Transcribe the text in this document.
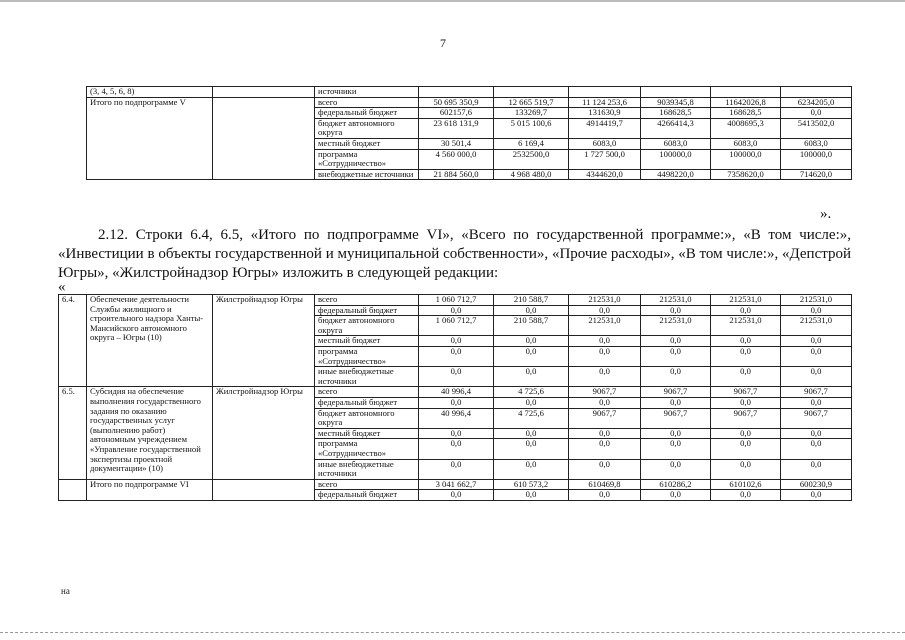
7
(3, 4, 5, 6, 8)		источники						
Итого по подпрограмме V		всего	50 695 350,9	12 665 519,7	11 124 253,6	9039345,8	11642026,8	6234205,0
		федеральный бюджет	602157,6	133269,7	131630,9	168628,5	168628,5	0,0
		бюджет автономного округа	23 618 131,9	5 015 100,6	4914419,7	4266414,3	4008695,3	5413502,0
		местный бюджет	30 501,4	6 169,4	6083,0	6083,0	6083,0	6083,0
		программа «Сотрудничество»	4 560 000,0	2532500,0	1 727 500,0	100000,0	100000,0	100000,0
		внебюджетные источники	21 884 560,0	4 968 480,0	4344620,0	4498220,0	7358620,0	714620,0
».
2.12. Строки 6.4, 6.5, «Итого по подпрограмме VI», «Всего по государственной программе:», «В том числе:», «Инвестиции в объекты государственной и муниципальной собственности», «Прочие расходы», «В том числе:», «Депстрой Югры», «Жилстройнадзор Югры» изложить в следующей редакции:
«
6.4.	Обеспечение деятельности Службы жилищного и строительного надзора Ханты-Мансийского автономного округа – Югры (10)	Жилстройнадзор Югры	всего	1 060 712,7	210 588,7	212531,0	212531,0	212531,0	212531,0
			федеральный бюджет	0,0	0,0	0,0	0,0	0,0	0,0
			бюджет автономного округа	1 060 712,7	210 588,7	212531,0	212531,0	212531,0	212531,0
			местный бюджет	0,0	0,0	0,0	0,0	0,0	0,0
			программа «Сотрудничество»	0,0	0,0	0,0	0,0	0,0	0,0
			иные внебюджетные источники	0,0	0,0	0,0	0,0	0,0	0,0
6.5.	Субсидия на обеспечение выполнения государственного задания по оказанию государственных услуг (выполнению работ) автономным учреждением «Управление государственной экспертизы проектной документации» (10)	Жилстройнадзор Югры	всего	40 996,4	4 725,6	9067,7	9067,7	9067,7	9067,7
			федеральный бюджет	0,0	0,0	0,0	0,0	0,0	0,0
			бюджет автономного округа	40 996,4	4 725,6	9067,7	9067,7	9067,7	9067,7
			местный бюджет	0,0	0,0	0,0	0,0	0,0	0,0
			программа «Сотрудничество»	0,0	0,0	0,0	0,0	0,0	0,0
			иные внебюджетные источники	0,0	0,0	0,0	0,0	0,0	0,0
	Итого по подпрограмме VI		всего	3 041 662,7	610 573,2	610469,8	610286,2	610102,6	600230,9
			федеральный бюджет	0,0	0,0	0,0	0,0	0,0	0,0
на
